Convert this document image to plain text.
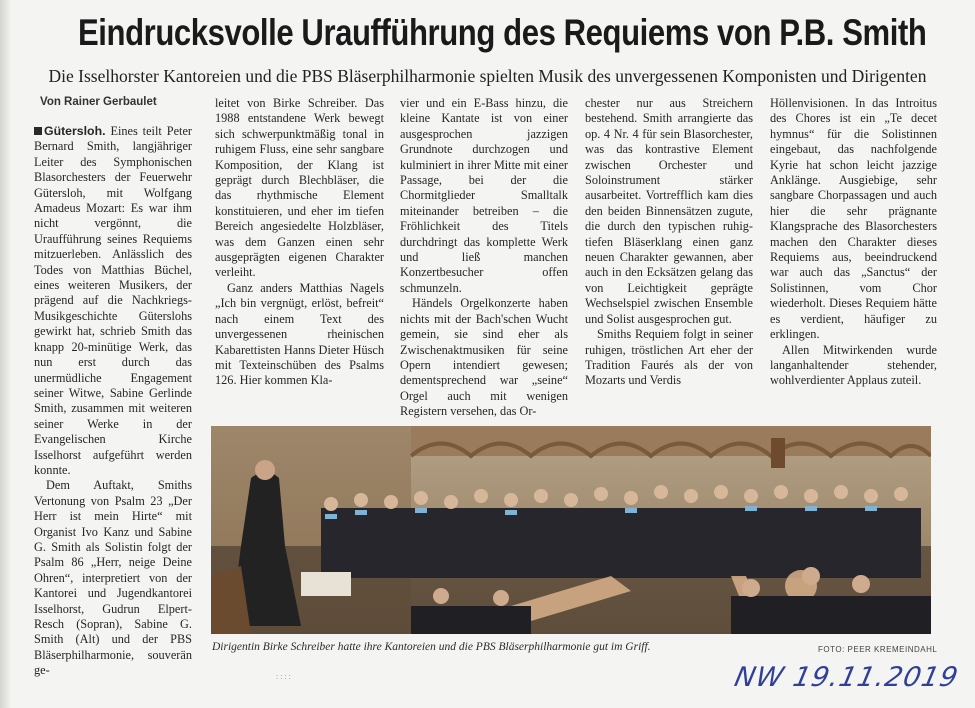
Eindrucksvolle Uraufführung des Requiems von P.B. Smith
Die Isselhorster Kantoreien und die PBS Bläserphilharmonie spielten Musik des unvergessenen Komponisten und Dirigenten
Von Rainer Gerbaulet

Gütersloh. Eines teilt Peter Bernard Smith, langjähriger Leiter des Symphonischen Blasorchesters der Feuerwehr Gütersloh, mit Wolfgang Amadeus Mozart: Es war ihm nicht vergönnt, die Uraufführung seines Requiems mitzuerleben. Anlässlich des Todes von Matthias Büchel, eines weiteren Musikers, der prägend auf die Nachkriegs-Musikgeschichte Güterslohs gewirkt hat, schrieb Smith das knapp 20-minütige Werk, das nun erst durch das unermüdliche Engagement seiner Witwe, Sabine Gerlinde Smith, zusammen mit weiteren seiner Werke in der Evangelischen Kirche Isselhorst aufgeführt werden konnte.

Dem Auftakt, Smiths Vertonung von Psalm 23 „Der Herr ist mein Hirte“ mit Organist Ivo Kanz und Sabine G. Smith als Solistin folgt der Psalm 86 „Herr, neige Deine Ohren“, interpretiert von der Kantorei und Jugendkantorei Isselhorst, Gudrun Elpert-Resch (Sopran), Sabine G. Smith (Alt) und der PBS Bläserphilharmonie, souverän ge-

leitet von Birke Schreiber. Das 1988 entstandene Werk bewegt sich schwerpunktmäßig tonal in ruhigem Fluss, eine sehr sangbare Komposition, der Klang ist geprägt durch Blechbläser, die das rhythmische Element konstituieren, und eher im tiefen Bereich angesiedelte Holzbläser, was dem Ganzen einen sehr ausgeprägten eigenen Charakter verleiht.

Ganz anders Matthias Nagels „Ich bin vergnügt, erlöst, befreit“ nach einem Text des unvergessenen rheinischen Kabarettisten Hanns Dieter Hüsch mit Texteinschüben des Psalms 126. Hier kommen Kla-

vier und ein E-Bass hinzu, die kleine Kantate ist von einer ausgesprochen jazzigen Grundnote durchzogen und kulminiert in ihrer Mitte mit einer Passage, bei der die Chormitglieder Smalltalk miteinander betreiben – die Fröhlichkeit des Titels durchdringt das komplette Werk und ließ manchen Konzertbesucher offen schmunzeln.

Händels Orgelkonzerte haben nichts mit der Bach'schen Wucht gemein, sie sind eher als Zwischenaktmusiken für seine Opern intendiert gewesen; dementsprechend war „seine“ Orgel auch mit wenigen Registern versehen, das Or-

chester nur aus Streichern bestehend. Smith arrangierte das op. 4 Nr. 4 für sein Blasorchester, was das kontrastive Element zwischen Orchester und Soloinstrument stärker ausarbeitet. Vortrefflich kam dies den beiden Binnensätzen zugute, die durch den typischen ruhig-tiefen Bläserklang einen ganz neuen Charakter gewannen, aber auch in den Ecksätzen gelang das von Leichtigkeit geprägte Wechselspiel zwischen Ensemble und Solist ausgesprochen gut.

Smiths Requiem folgt in seiner ruhigen, tröstlichen Art eher der Tradition Faurés als der von Mozarts und Verdis

Höllenvisionen. In das Introitus des Chores ist ein „Te decet hymnus“ für die Solistinnen eingebaut, das nachfolgende Kyrie hat schon leicht jazzige Anklänge. Ausgiebige, sehr sangbare Chorpassagen und auch hier die sehr prägnante Klangsprache des Blasorchesters machen den Charakter dieses Requiems aus, beeindruckend war auch das „Sanctus“ der Solistinnen, vom Chor wiederholt. Dieses Requiem hätte es verdient, häufiger zu erklingen.

Allen Mitwirkenden wurde langanhaltender stehender, wohlverdienter Applaus zuteil.

Dirigentin Birke Schreiber hatte ihre Kantoreien und die PBS Bläserphilharmonie gut im Griff.	FOTO: PEER KREMEINDAHL
::::	NW 19.11.2019
